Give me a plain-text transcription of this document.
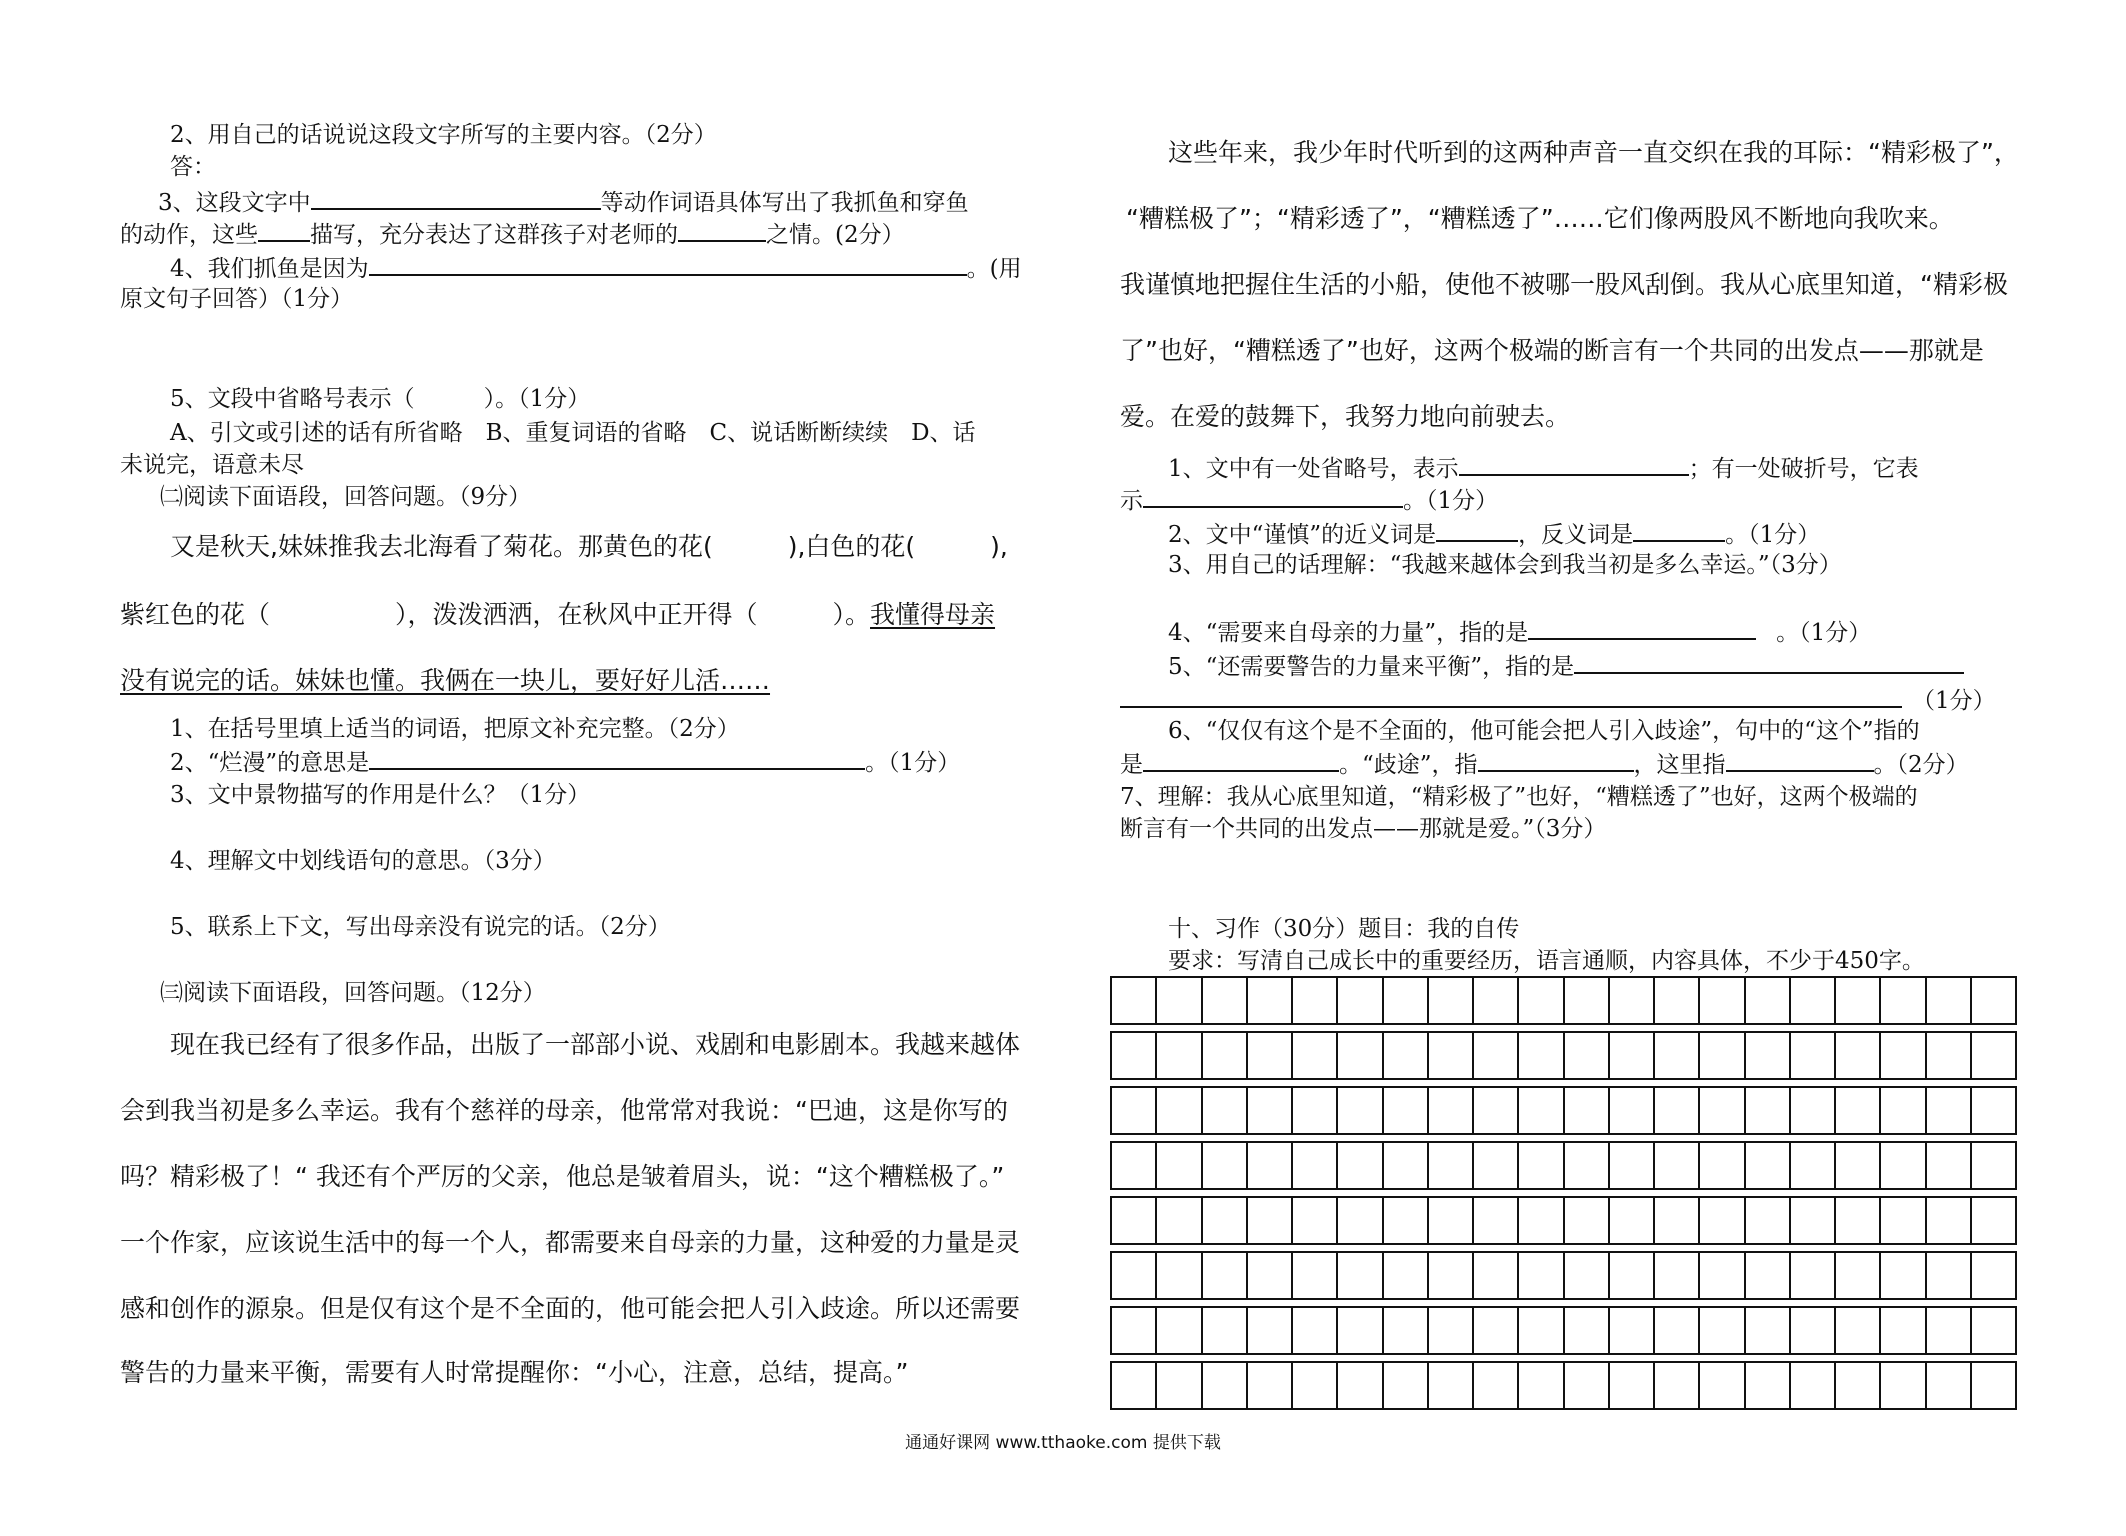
2、用自己的话说说这段文字所写的主要内容。（2分）
答：
3、这段文字中	等动作词语具体写出了我抓鱼和穿鱼
的动作，这些 描写，充分表达了这群孩子对老师的	之情。(2分）
4、我们抓鱼是因为	。(用
原文句子回答）（1分）
5、文段中省略号表示（　　　）。（1分）
A、引文或引述的话有所省略　B、重复词语的省略　C、说话断断续续　D、话
未说完，语意未尽
㈡阅读下面语段，回答问题。（9分）
又是秋天,妹妹推我去北海看了菊花。那黄色的花(　　　),白色的花(　　　),
紫红色的花（　　　　　），泼泼洒洒，在秋风中正开得（　　　）。我懂得母亲
没有说完的话。妹妹也懂。我俩在一块儿，要好好儿活……
1、在括号里填上适当的词语，把原文补充完整。（2分）
2、“烂漫”的意思是	。（1分）
3、文中景物描写的作用是什么？（1分）
4、理解文中划线语句的意思。（3分）
5、联系上下文，写出母亲没有说完的话。（2分）
㈢阅读下面语段，回答问题。（12分）
现在我已经有了很多作品，出版了一部部小说、戏剧和电影剧本。我越来越体
会到我当初是多么幸运。我有个慈祥的母亲，他常常对我说：“巴迪，这是你写的
吗？精彩极了！“ 我还有个严厉的父亲，他总是皱着眉头，说：“这个糟糕极了。”
一个作家，应该说生活中的每一个人，都需要来自母亲的力量，这种爱的力量是灵
感和创作的源泉。但是仅有这个是不全面的，他可能会把人引入歧途。所以还需要
警告的力量来平衡，需要有人时常提醒你：“小心，注意，总结，提高。”
这些年来，我少年时代听到的这两种声音一直交织在我的耳际：“精彩极了”，
“糟糕极了”；“精彩透了”，“糟糕透了”……它们像两股风不断地向我吹来。
我谨慎地把握住生活的小船，使他不被哪一股风刮倒。我从心底里知道，“精彩极
了”也好，“糟糕透了”也好，这两个极端的断言有一个共同的出发点——那就是
爱。在爱的鼓舞下，我努力地向前驶去。
1、文中有一处省略号，表示	；有一处破折号，它表
示	。（1分）
2、文中“谨慎”的近义词是	，反义词是	。（1分）
3、用自己的话理解：“我越来越体会到我当初是多么幸运。”（3分）
4、“需要来自母亲的力量”，指的是	。（1分）
5、“还需要警告的力量来平衡”，指的是
（1分）
6、“仅仅有这个是不全面的，他可能会把人引入歧途”，句中的“这个”指的
是	。“歧途”，指	，这里指	。（2分）
7、理解：我从心底里知道，“精彩极了”也好，“糟糕透了”也好，这两个极端的
断言有一个共同的出发点——那就是爱。”（3分）
十、习作（30分）题目：我的自传
要求：写清自己成长中的重要经历，语言通顺，内容具体，不少于450字。
通通好课网 www.tthaoke.com 提供下载
